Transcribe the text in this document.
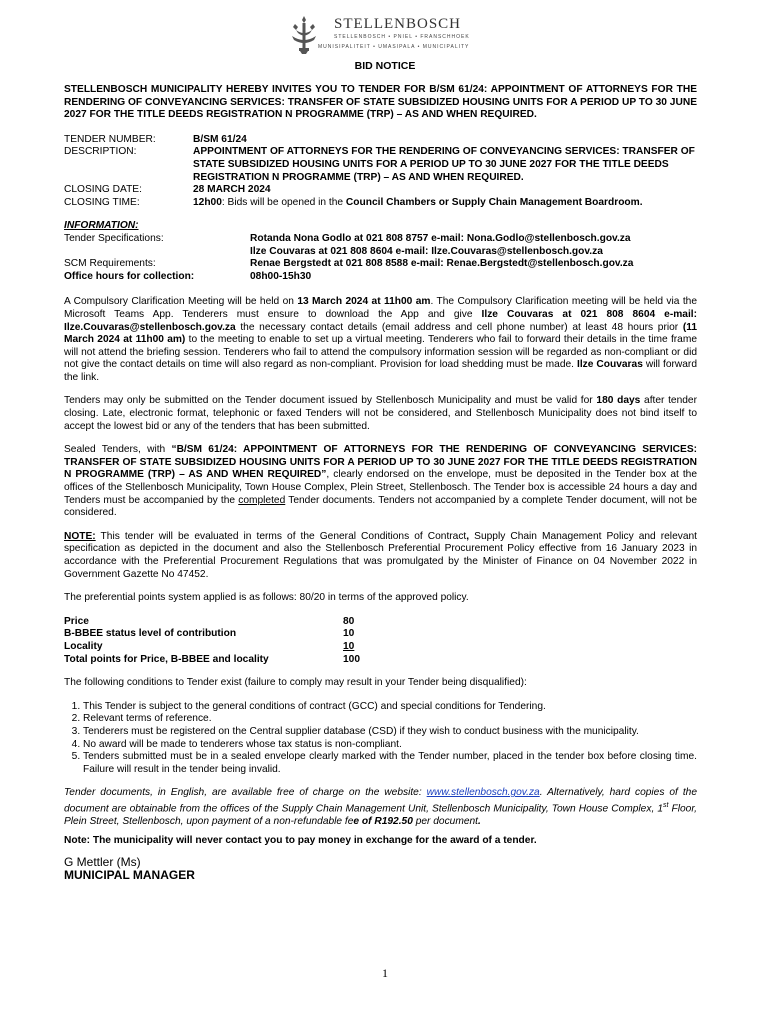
STELLENBOSCH
STELLENBOSCH • PNIEL • FRANSCHHOEK
MUNISIPALITEIT • UMASIPALA • MUNICIPALITY
BID NOTICE

STELLENBOSCH MUNICIPALITY HEREBY INVITES YOU TO TENDER FOR B/SM 61/24: APPOINTMENT OF ATTORNEYS FOR THE RENDERING OF CONVEYANCING SERVICES: TRANSFER OF STATE SUBSIDIZED HOUSING UNITS FOR A PERIOD UP TO 30 JUNE 2027 FOR THE TITLE DEEDS REGISTRATION N PROGRAMME (TRP) – AS AND WHEN REQUIRED.

TENDER NUMBER:	B/SM 61/24
DESCRIPTION:	APPOINTMENT OF ATTORNEYS FOR THE RENDERING OF CONVEYANCING SERVICES: TRANSFER OF STATE SUBSIDIZED HOUSING UNITS FOR A PERIOD UP TO 30 JUNE 2027 FOR THE TITLE DEEDS REGISTRATION N PROGRAMME (TRP) – AS AND WHEN REQUIRED.
CLOSING DATE:	28 MARCH 2024
CLOSING TIME:	12h00: Bids will be opened in the Council Chambers or Supply Chain Management Boardroom.
INFORMATION:
Tender Specifications:	Rotanda Nona Godlo at 021 808 8757 e-mail: Nona.Godlo@stellenbosch.gov.za
Ilze Couvaras at 021 808 8604 e-mail: Ilze.Couvaras@stellenbosch.gov.za
SCM Requirements:	Renae Bergstedt at 021 808 8588 e-mail: Renae.Bergstedt@stellenbosch.gov.za
Office hours for collection:	08h00-15h30

A Compulsory Clarification Meeting will be held on 13 March 2024 at 11h00 am. The Compulsory Clarification meeting will be held via the Microsoft Teams App. Tenderers must ensure to download the App and give Ilze Couvaras at 021 808 8604 e-mail: Ilze.Couvaras@stellenbosch.gov.za the necessary contact details (email address and cell phone number) at least 48 hours prior (11 March 2024 at 11h00 am) to the meeting to enable to set up a virtual meeting. Tenderers who fail to forward their details in the time frame will not attend the briefing session. Tenderers who fail to attend the compulsory information session will be regarded as non-compliant or did not give the contact details on time will also regard as non-compliant. Provision for load shedding must be made. Ilze Couvaras will forward the link.

Tenders may only be submitted on the Tender document issued by Stellenbosch Municipality and must be valid for 180 days after tender closing. Late, electronic format, telephonic or faxed Tenders will not be considered, and Stellenbosch Municipality does not bind itself to accept the lowest bid or any of the tenders that has been submitted.

Sealed Tenders, with “B/SM 61/24: APPOINTMENT OF ATTORNEYS FOR THE RENDERING OF CONVEYANCING SERVICES: TRANSFER OF STATE SUBSIDIZED HOUSING UNITS FOR A PERIOD UP TO 30 JUNE 2027 FOR THE TITLE DEEDS REGISTRATION N PROGRAMME (TRP) – AS AND WHEN REQUIRED”, clearly endorsed on the envelope, must be deposited in the Tender box at the offices of the Stellenbosch Municipality, Town House Complex, Plein Street, Stellenbosch. The Tender box is accessible 24 hours a day and Tenders must be accompanied by the completed Tender documents. Tenders not accompanied by a complete Tender document, will not be considered.

NOTE: This tender will be evaluated in terms of the General Conditions of Contract, Supply Chain Management Policy and relevant specification as depicted in the document and also the Stellenbosch Preferential Procurement Policy effective from 16 January 2023 in accordance with the Preferential Procurement Regulations that was promulgated by the Minister of Finance on 04 November 2022 in Government Gazette No 47452.

The preferential points system applied is as follows: 80/20 in terms of the approved policy.

Price	80
B-BBEE status level of contribution	10
Locality	10
Total points for Price, B-BBEE and locality	100

The following conditions to Tender exist (failure to comply may result in your Tender being disqualified):

1. This Tender is subject to the general conditions of contract (GCC) and special conditions for Tendering.
2. Relevant terms of reference.
3. Tenderers must be registered on the Central supplier database (CSD) if they wish to conduct business with the municipality.
4. No award will be made to tenderers whose tax status is non-compliant.
5. Tenders submitted must be in a sealed envelope clearly marked with the Tender number, placed in the tender box before closing time. Failure will result in the tender being invalid.

Tender documents, in English, are available free of charge on the website: www.stellenbosch.gov.za. Alternatively, hard copies of the document are obtainable from the offices of the Supply Chain Management Unit, Stellenbosch Municipality, Town House Complex, 1st Floor, Plein Street, Stellenbosch, upon payment of a non-refundable fee of R192.50 per document.

Note: The municipality will never contact you to pay money in exchange for the award of a tender.

G Mettler (Ms)
MUNICIPAL MANAGER
1
